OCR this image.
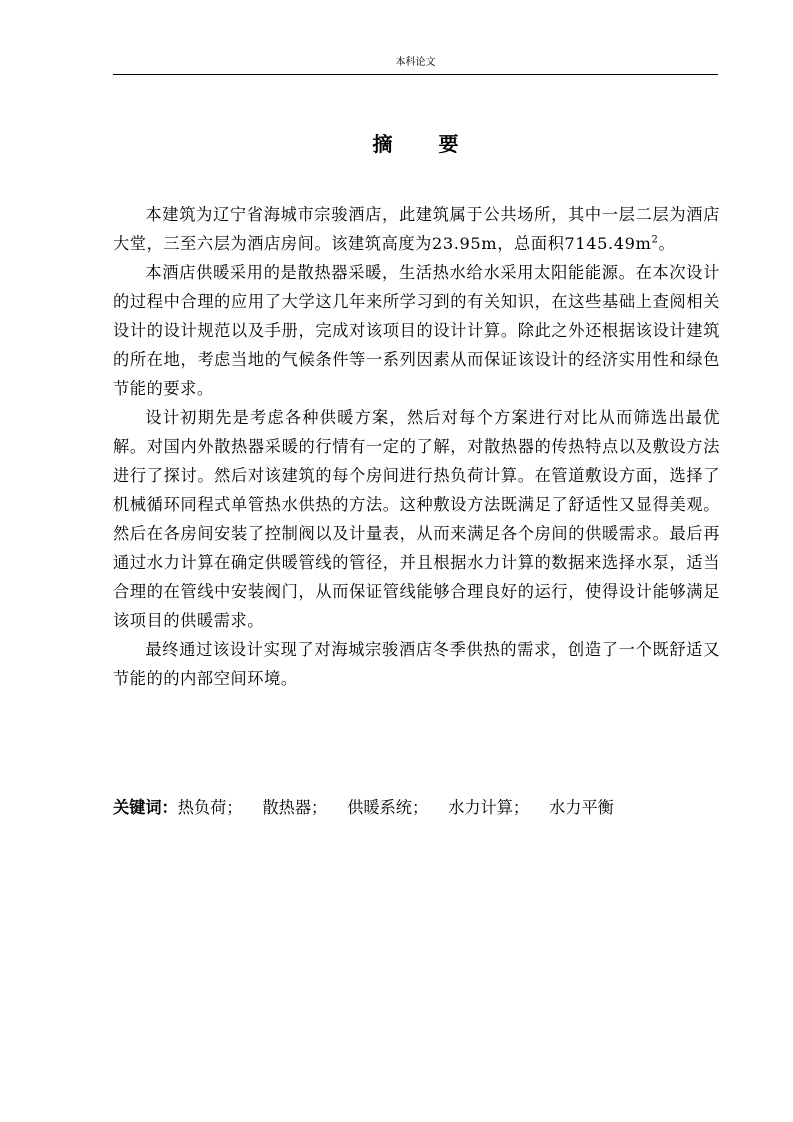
本科论文
摘 要

本建筑为辽宁省海城市宗骏酒店，此建筑属于公共场所，其中一层二层为酒店大堂，三至六层为酒店房间。该建筑高度为23.95m，总面积$7145.49m^2$。

本酒店供暖采用的是散热器采暖，生活热水给水采用太阳能能源。在本次设计的过程中合理的应用了大学这几年来所学习到的有关知识，在这些基础上查阅相关设计的设计规范以及手册，完成对该项目的设计计算。除此之外还根据该设计建筑的所在地，考虑当地的气候条件等一系列因素从而保证该设计的经济实用性和绿色节能的要求。

设计初期先是考虑各种供暖方案，然后对每个方案进行对比从而筛选出最优解。对国内外散热器采暖的行情有一定的了解，对散热器的传热特点以及敷设方法进行了探讨。然后对该建筑的每个房间进行热负荷计算。在管道敷设方面，选择了机械循环同程式单管热水供热的方法。这种敷设方法既满足了舒适性又显得美观。然后在各房间安装了控制阀以及计量表，从而来满足各个房间的供暖需求。最后再通过水力计算在确定供暖管线的管径，并且根据水力计算的数据来选择水泵，适当合理的在管线中安装阀门，从而保证管线能够合理良好的运行，使得设计能够满足该项目的供暖需求。

最终通过该设计实现了对海城宗骏酒店冬季供热的需求，创造了一个既舒适又节能的的内部空间环境。

关键词：热负荷； 散热器； 供暖系统； 水力计算； 水力平衡
